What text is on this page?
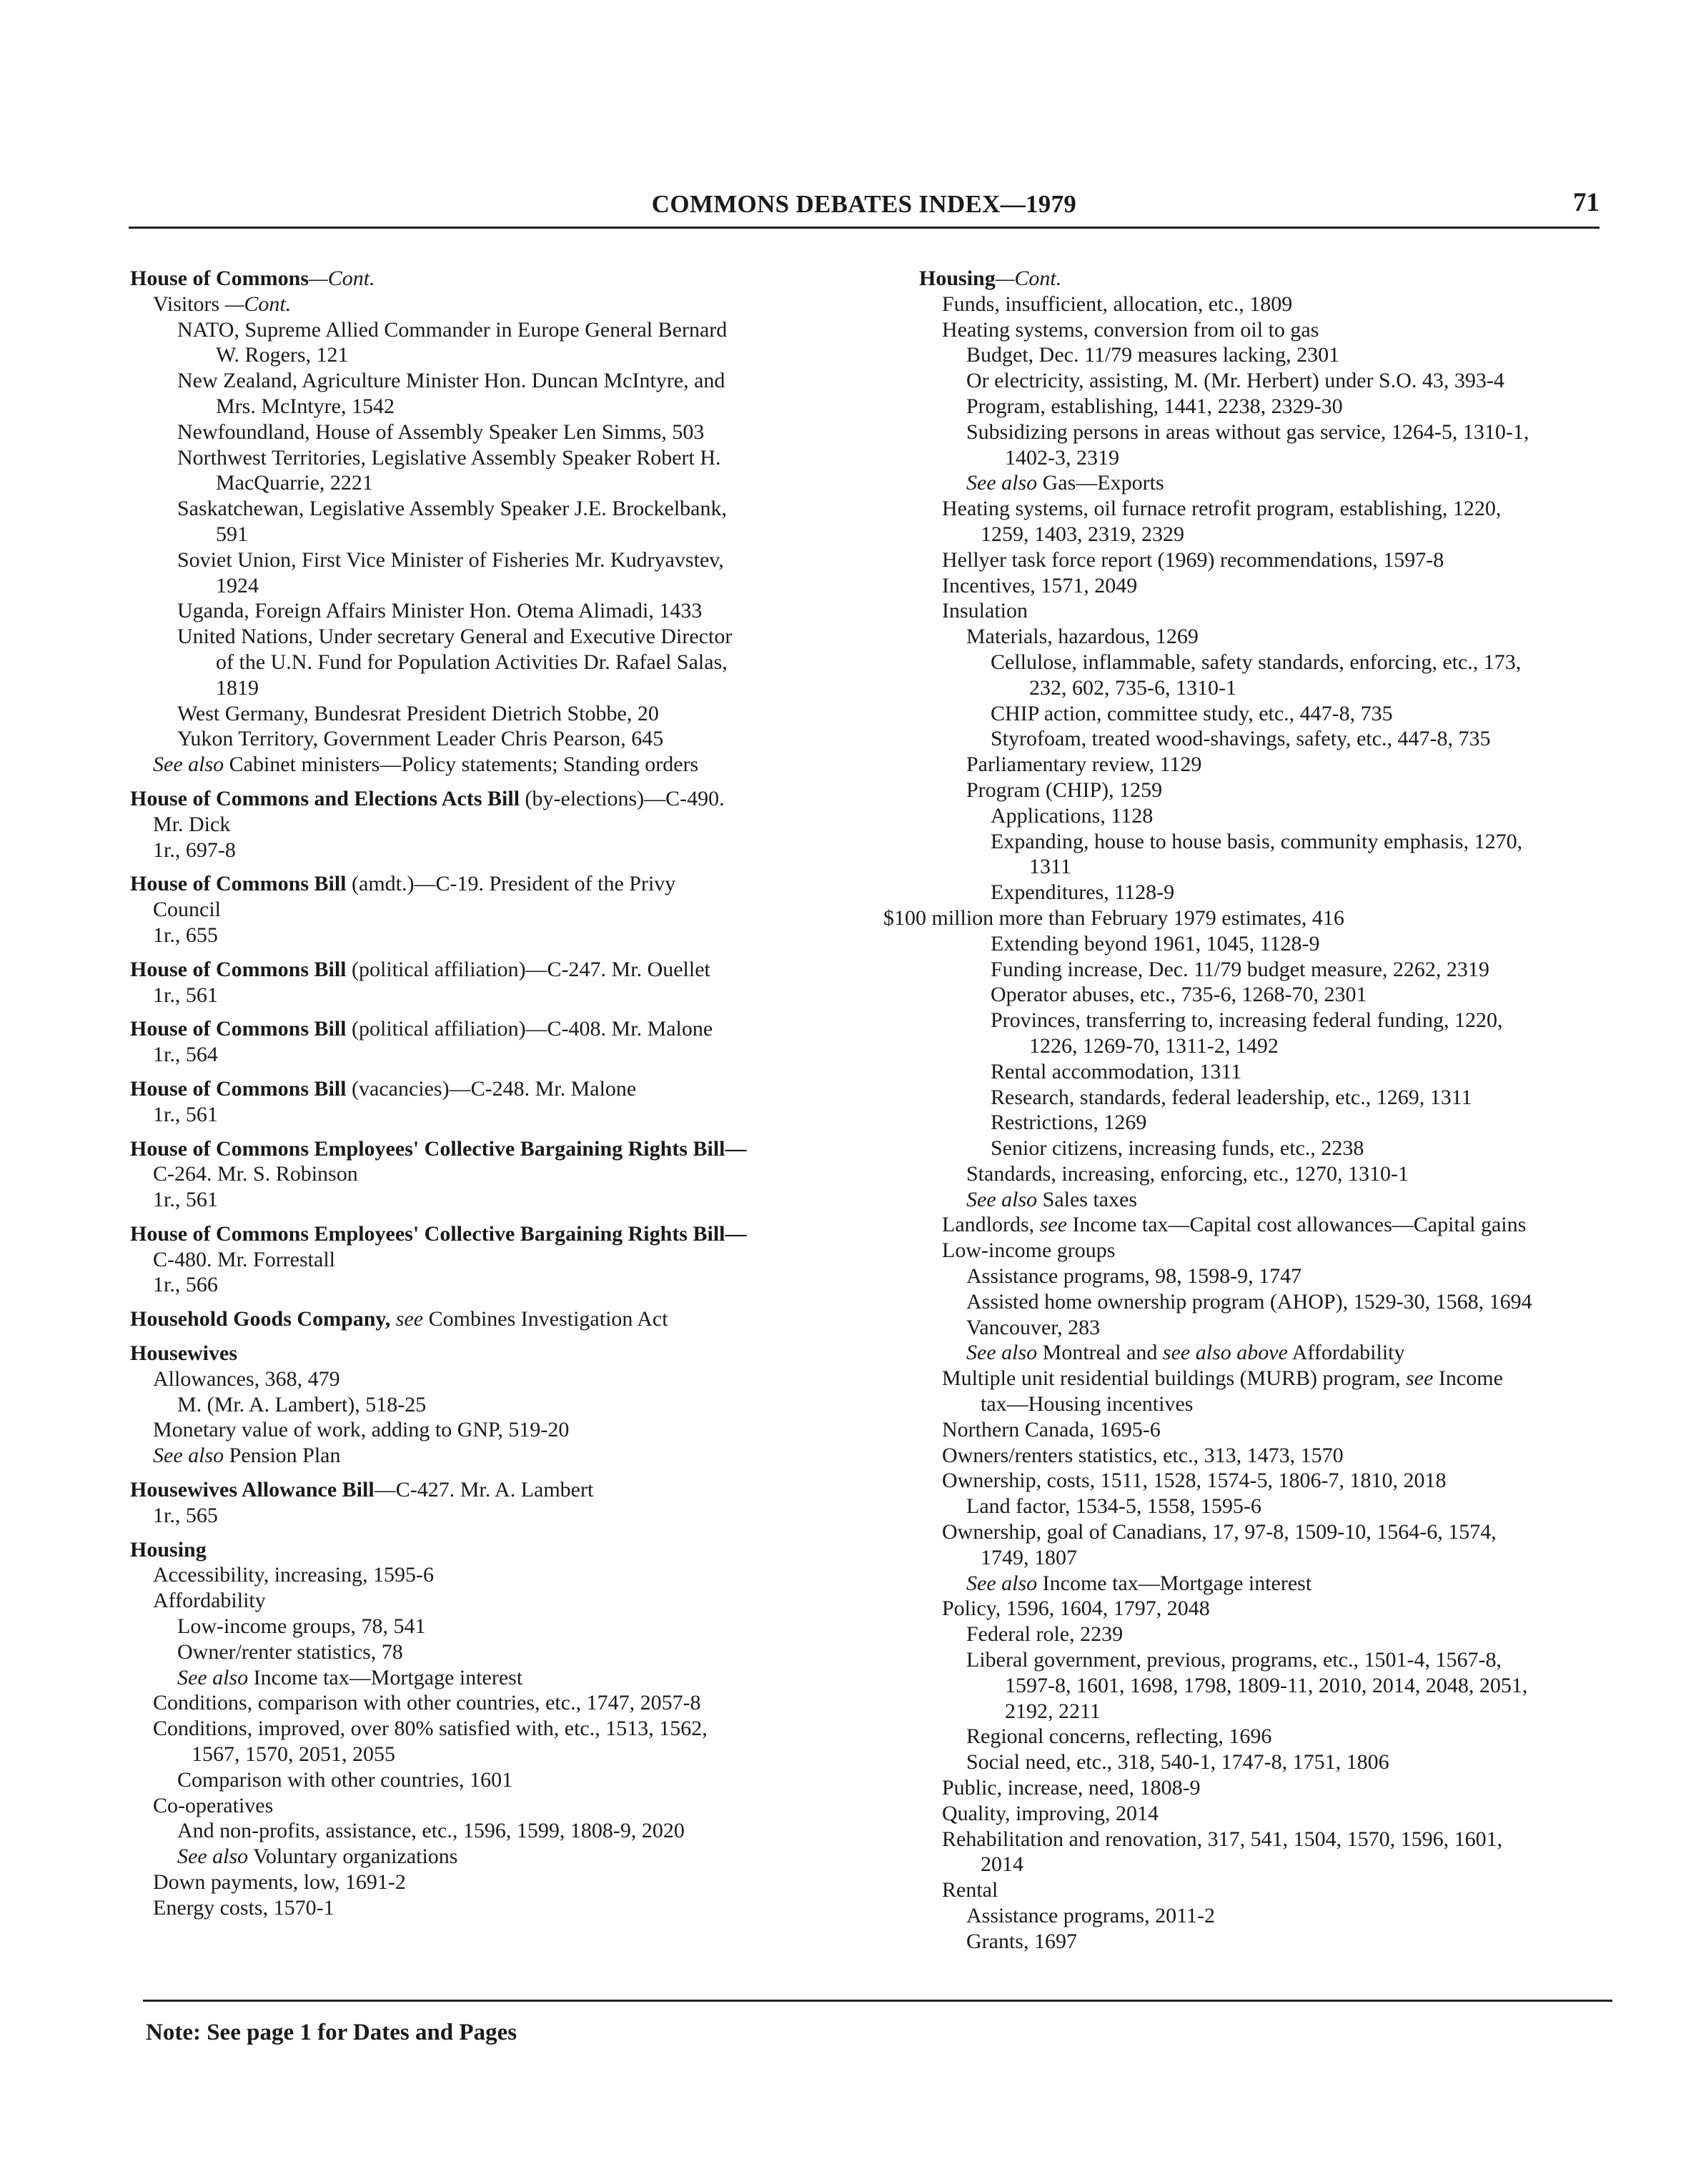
COMMONS DEBATES INDEX—1979	71
House of Commons—Cont.
Visitors —Cont.
NATO, Supreme Allied Commander in Europe General Bernard
W. Rogers, 121
New Zealand, Agriculture Minister Hon. Duncan McIntyre, and
Mrs. McIntyre, 1542
Newfoundland, House of Assembly Speaker Len Simms, 503
Northwest Territories, Legislative Assembly Speaker Robert H.
MacQuarrie, 2221
Saskatchewan, Legislative Assembly Speaker J.E. Brockelbank,
591
Soviet Union, First Vice Minister of Fisheries Mr. Kudryavstev,
1924
Uganda, Foreign Affairs Minister Hon. Otema Alimadi, 1433
United Nations, Under secretary General and Executive Director
of the U.N. Fund for Population Activities Dr. Rafael Salas,
1819
West Germany, Bundesrat President Dietrich Stobbe, 20
Yukon Territory, Government Leader Chris Pearson, 645
See also Cabinet ministers—Policy statements; Standing orders
House of Commons and Elections Acts Bill (by-elections)—C-490.
Mr. Dick
1r., 697-8
House of Commons Bill (amdt.)—C-19. President of the Privy
Council
1r., 655
House of Commons Bill (political affiliation)—C-247. Mr. Ouellet
1r., 561
House of Commons Bill (political affiliation)—C-408. Mr. Malone
1r., 564
House of Commons Bill (vacancies)—C-248. Mr. Malone
1r., 561
House of Commons Employees' Collective Bargaining Rights Bill—
C-264. Mr. S. Robinson
1r., 561
House of Commons Employees' Collective Bargaining Rights Bill—
C-480. Mr. Forrestall
1r., 566
Household Goods Company, see Combines Investigation Act
Housewives
Allowances, 368, 479
M. (Mr. A. Lambert), 518-25
Monetary value of work, adding to GNP, 519-20
See also Pension Plan
Housewives Allowance Bill—C-427. Mr. A. Lambert
1r., 565
Housing
Accessibility, increasing, 1595-6
Affordability
Low-income groups, 78, 541
Owner/renter statistics, 78
See also Income tax—Mortgage interest
Conditions, comparison with other countries, etc., 1747, 2057-8
Conditions, improved, over 80% satisfied with, etc., 1513, 1562,
1567, 1570, 2051, 2055
Comparison with other countries, 1601
Co-operatives
And non-profits, assistance, etc., 1596, 1599, 1808-9, 2020
See also Voluntary organizations
Down payments, low, 1691-2
Energy costs, 1570-1
Housing—Cont.
Funds, insufficient, allocation, etc., 1809
Heating systems, conversion from oil to gas
Budget, Dec. 11/79 measures lacking, 2301
Or electricity, assisting, M. (Mr. Herbert) under S.O. 43, 393-4
Program, establishing, 1441, 2238, 2329-30
Subsidizing persons in areas without gas service, 1264-5, 1310-1,
1402-3, 2319
See also Gas—Exports
Heating systems, oil furnace retrofit program, establishing, 1220,
1259, 1403, 2319, 2329
Hellyer task force report (1969) recommendations, 1597-8
Incentives, 1571, 2049
Insulation
Materials, hazardous, 1269
Cellulose, inflammable, safety standards, enforcing, etc., 173,
232, 602, 735-6, 1310-1
CHIP action, committee study, etc., 447-8, 735
Styrofoam, treated wood-shavings, safety, etc., 447-8, 735
Parliamentary review, 1129
Program (CHIP), 1259
Applications, 1128
Expanding, house to house basis, community emphasis, 1270,
1311
Expenditures, 1128-9
$100 million more than February 1979 estimates, 416
Extending beyond 1961, 1045, 1128-9
Funding increase, Dec. 11/79 budget measure, 2262, 2319
Operator abuses, etc., 735-6, 1268-70, 2301
Provinces, transferring to, increasing federal funding, 1220,
1226, 1269-70, 1311-2, 1492
Rental accommodation, 1311
Research, standards, federal leadership, etc., 1269, 1311
Restrictions, 1269
Senior citizens, increasing funds, etc., 2238
Standards, increasing, enforcing, etc., 1270, 1310-1
See also Sales taxes
Landlords, see Income tax—Capital cost allowances—Capital gains
Low-income groups
Assistance programs, 98, 1598-9, 1747
Assisted home ownership program (AHOP), 1529-30, 1568, 1694
Vancouver, 283
See also Montreal and see also above Affordability
Multiple unit residential buildings (MURB) program, see Income
tax—Housing incentives
Northern Canada, 1695-6
Owners/renters statistics, etc., 313, 1473, 1570
Ownership, costs, 1511, 1528, 1574-5, 1806-7, 1810, 2018
Land factor, 1534-5, 1558, 1595-6
Ownership, goal of Canadians, 17, 97-8, 1509-10, 1564-6, 1574,
1749, 1807
See also Income tax—Mortgage interest
Policy, 1596, 1604, 1797, 2048
Federal role, 2239
Liberal government, previous, programs, etc., 1501-4, 1567-8,
1597-8, 1601, 1698, 1798, 1809-11, 2010, 2014, 2048, 2051,
2192, 2211
Regional concerns, reflecting, 1696
Social need, etc., 318, 540-1, 1747-8, 1751, 1806
Public, increase, need, 1808-9
Quality, improving, 2014
Rehabilitation and renovation, 317, 541, 1504, 1570, 1596, 1601,
2014
Rental
Assistance programs, 2011-2
Grants, 1697
Note: See page 1 for Dates and Pages
